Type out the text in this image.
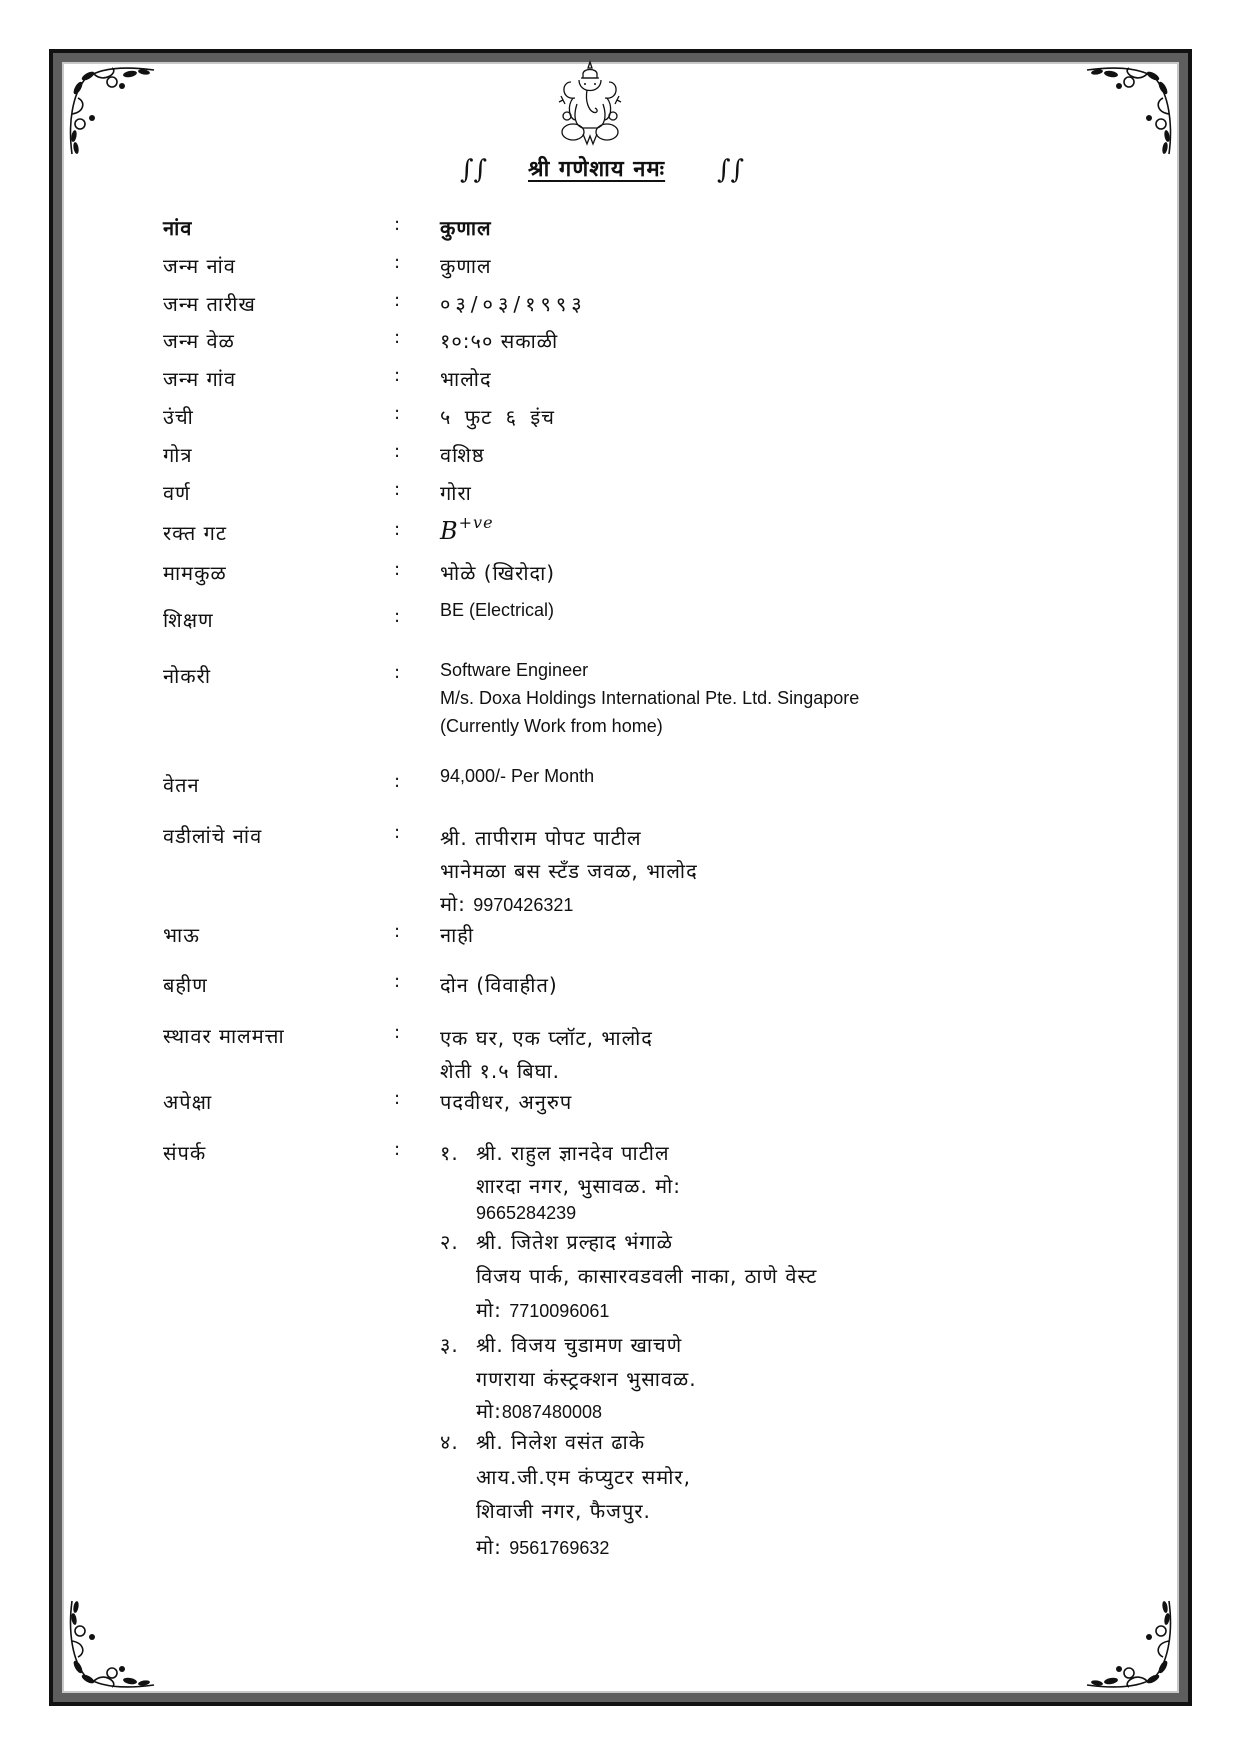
∫∫ श्री गणेशाय नमः ∫∫
नांव	: कुणाल
जन्म नांव	: कुणाल
जन्म तारीख	: ०३/०३/१९९३
जन्म वेळ	: १०:५० सकाळी
जन्म गांव	: भालोद
उंची	: ५ फुट ६ इंच
गोत्र	: वशिष्ठ
वर्ण	: गोरा
रक्त गट	: $B^{+ve}$
मामकुळ	: भोळे (खिरोदा)
शिक्षण	: BE (Electrical)
नोकरी	: Software Engineer
M/s. Doxa Holdings International Pte. Ltd. Singapore
(Currently Work from home)
वेतन	: 94,000/- Per Month
वडीलांचे नांव	: श्री. तापीराम पोपट पाटील
भानेमळा बस स्टॅंड जवळ, भालोद
मो: 9970426321
भाऊ	: नाही
बहीण	: दोन (विवाहीत)
स्थावर मालमत्ता	: एक घर, एक प्लॉट, भालोद
शेती १.५ बिघा.
अपेक्षा	: पदवीधर, अनुरुप
संपर्क	: १. श्री. राहुल ज्ञानदेव पाटील
शारदा नगर, भुसावळ. मो:
9665284239
२. श्री. जितेश प्रल्हाद भंगाळे
विजय पार्क, कासारवडवली नाका, ठाणे वेस्ट
मो: 7710096061
३. श्री. विजय चुडामण खाचणे
गणराया कंस्ट्रक्शन भुसावळ.
मो:8087480008
४. श्री. निलेश वसंत ढाके
आय.जी.एम कंप्युटर समोर,
शिवाजी नगर, फैजपुर.
मो: 9561769632
